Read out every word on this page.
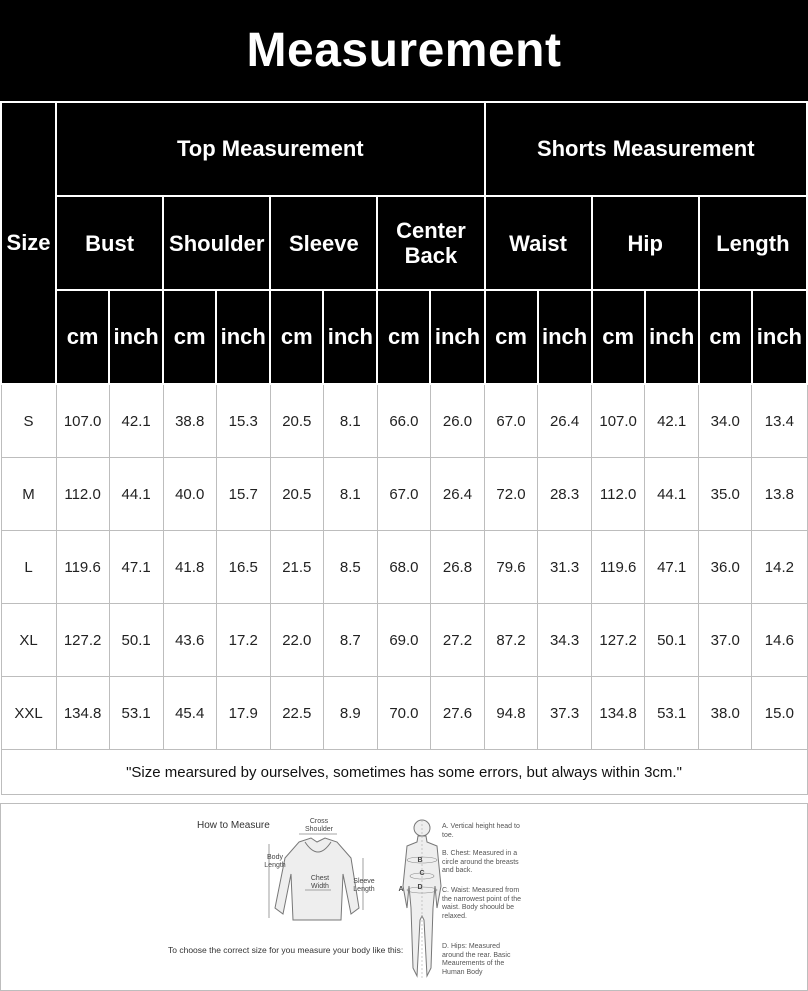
Measurement
Size	Top Measurement								Shorts Measurement					
	Bust		Shoulder		Sleeve		Center Back		Waist		Hip		Length	
	cm	inch	cm	inch	cm	inch	cm	inch	cm	inch	cm	inch	cm	inch
S	107.0	42.1	38.8	15.3	20.5	8.1	66.0	26.0	67.0	26.4	107.0	42.1	34.0	13.4
M	112.0	44.1	40.0	15.7	20.5	8.1	67.0	26.4	72.0	28.3	112.0	44.1	35.0	13.8
L	119.6	47.1	41.8	16.5	21.5	8.5	68.0	26.8	79.6	31.3	119.6	47.1	36.0	14.2
XL	127.2	50.1	43.6	17.2	22.0	8.7	69.0	27.2	87.2	34.3	127.2	50.1	37.0	14.6
XXL	134.8	53.1	45.4	17.9	22.5	8.9	70.0	27.6	94.8	37.3	134.8	53.1	38.0	15.0
"Size mearsured by ourselves, sometimes has some errors, but always within 3cm."														
How to Measure	Cross Shoulder
Body Length
Chest Width
Sleeve Length
B
C
D
A
A. Vertical height head to toe.
B. Chest: Measured in a circle around the breasts and back.
C. Waist: Measured from the narrowest point of the waist. Body shoould be relaxed.
D. Hips: Measured around the rear. Basic Meaurements of the Human Body
To choose the correct size for you measure your body like this:
